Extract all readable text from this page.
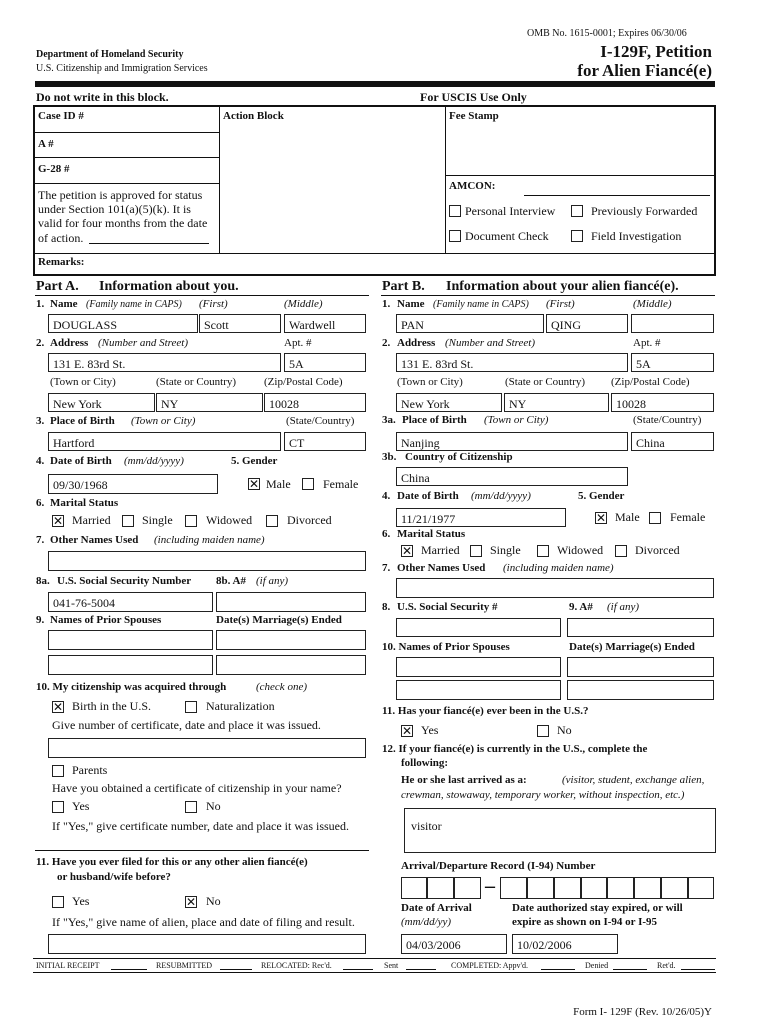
OMB No. 1615-0001; Expires 06/30/06
Department of Homeland Security
U.S. Citizenship and Immigration Services
I-129F, Petition
for Alien Fiancé(e)
Do not write in this block.	For USCIS Use Only
Case ID #	Action Block	Fee Stamp
A #
G-28 #
The petition is approved for status
under Section 101(a)(5)(k). It is
valid for four months from the date
of action.
AMCON:
Personal Interview	Previously Forwarded
Document Check	Field Investigation
Remarks:
Part A. Information about you.
1. Name (Family name in CAPS) (First)	(Middle)
DOUGLASS	Scott	Wardwell
2. Address (Number and Street)	Apt. #
131 E. 83rd St.	5A
(Town or City)	(State or Country)	(Zip/Postal Code)
New York	NY	10028
3. Place of Birth (Town or City)	(State/Country)
Hartford	CT
4. Date of Birth (mm/dd/yyyy)	5. Gender
09/30/1968	✕ Male	Female
6. Marital Status
✕ Married	Single	Widowed	Divorced
7. Other Names Used (including maiden name)
8a. U.S. Social Security Number 8b. A# (if any)
041-76-5004
9. Names of Prior Spouses	Date(s) Marriage(s) Ended
10. My citizenship was acquired through	(check one)
✕ Birth in the U.S.	Naturalization
Give number of certificate, date and place it was issued.
Parents
Have you obtained a certificate of citizenship in your name?
Yes	No
If "Yes," give certificate number, date and place it was issued.
11. Have you ever filed for this or any other alien fiancé(e)
or husband/wife before?
Yes	✕ No
If "Yes," give name of alien, place and date of filing and result.
Part B. Information about your alien fiancé(e).
1. Name (Family name in CAPS) (First)	(Middle)
PAN	QING
2. Address (Number and Street)	Apt. #
131 E. 83rd St.	5A
(Town or City)	(State or Country) (Zip/Postal Code)
New York	NY	10028
3a. Place of Birth (Town or City)	(State/Country)
Nanjing	China
3b. Country of Citizenship
China
4. Date of Birth (mm/dd/yyyy)	5. Gender
11/21/1977	✕ Male	Female
6. Marital Status
✕ Married	Single	Widowed	Divorced
7. Other Names Used (including maiden name)
8. U.S. Social Security #	9. A# (if any)
10. Names of Prior Spouses	Date(s) Marriage(s) Ended
11. Has your fiancé(e) ever been in the U.S.?
✕ Yes	No
12. If your fiancé(e) is currently in the U.S., complete the
following:
He or she last arrived as a:	(visitor, student, exchange alien,
crewman, stowaway, temporary worker, without inspection, etc.)
visitor
Arrival/Departure Record (I-94) Number
–
Date of Arrival
(mm/dd/yy)
Date authorized stay expired, or will
expire as shown on I-94 or I-95
04/03/2006	10/02/2006
INITIAL RECEIPT	RESUBMITTED	RELOCATED: Rec'd.	Sent	COMPLETED: Appv'd.	Denied	Ret'd.
Form I- 129F (Rev. 10/26/05)Y
